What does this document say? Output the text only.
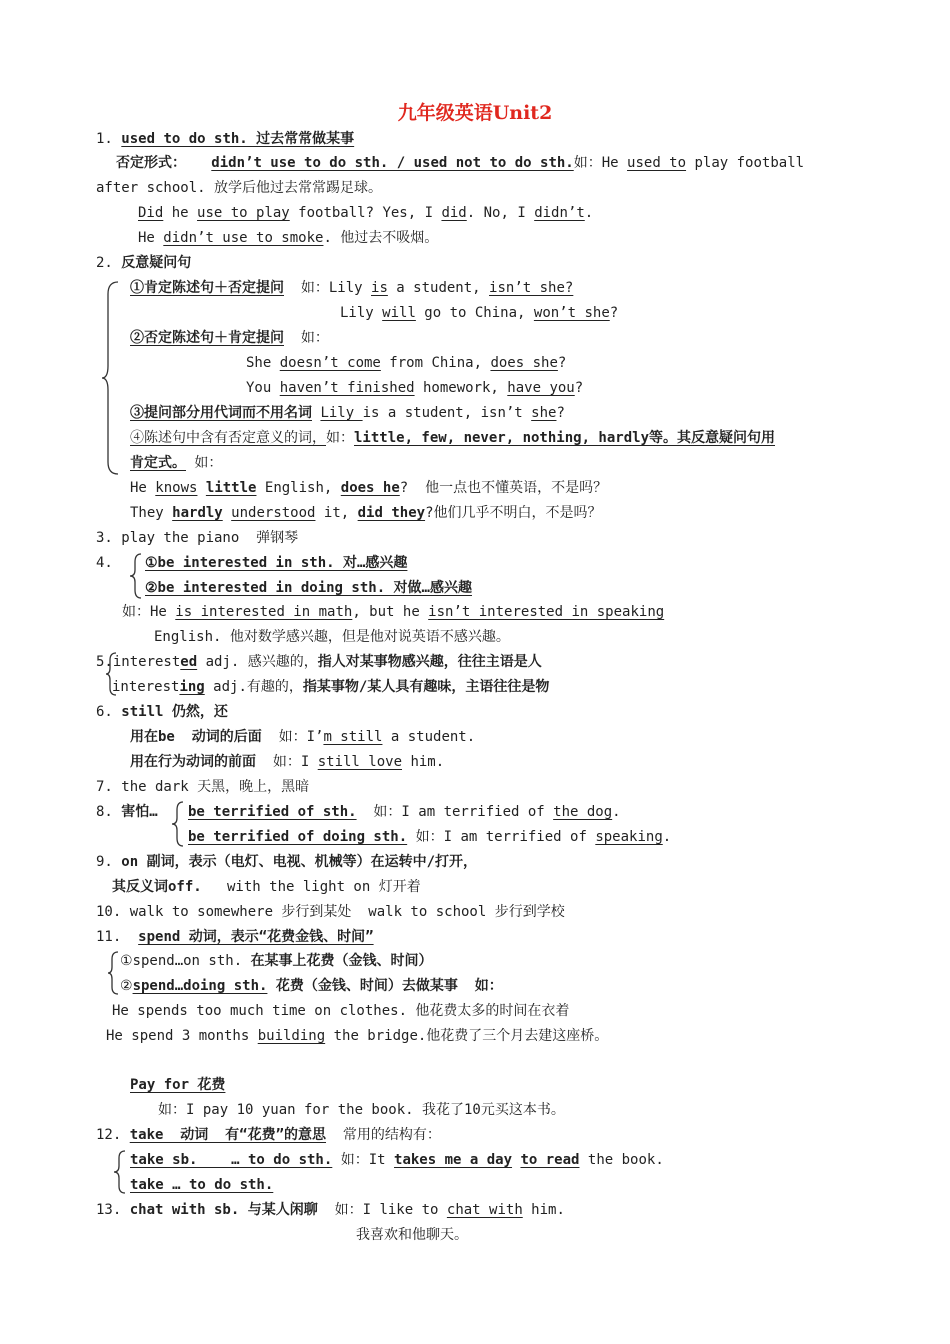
九年级英语Unit2
1. used to do sth. 过去常常做某事
否定形式： didn’t use to do sth. / used not to do sth.如：He used to play football
after school. 放学后他过去常常踢足球。
Did he use to play football? Yes, I did. No, I didn’t.
He didn’t use to smoke. 他过去不吸烟。
2. 反意疑问句
①肯定陈述句＋否定提问  如：Lily is a student, isn’t she?
Lily will go to China, won’t she?
②否定陈述句＋肯定提问  如：
She doesn’t come from China, does she?
You haven’t finished homework, have you?
③提问部分用代词而不用名词 Lily is a student, isn’t she?
④陈述句中含有否定意义的词，如：little, few, never, nothing, hardly等。其反意疑问句用
肯定式。 如：
He knows little English, does he?  他一点也不懂英语，不是吗？
They hardly understood it, did they?他们几乎不明白，不是吗？
3. play the piano  弹钢琴
4. ①be interested in sth. 对…感兴趣
②be interested in doing sth. 对做…感兴趣
如：He is interested in math, but he isn’t interested in speaking
English. 他对数学感兴趣，但是他对说英语不感兴趣。
5.interested adj. 感兴趣的，指人对某事物感兴趣，往往主语是人
interesting adj.有趣的，指某事物/某人具有趣味，主语往往是物
6. still 仍然，还
用在be  动词的后面  如：I’m still a student.
用在行为动词的前面  如：I still love him.
7. the dark 天黑，晚上，黑暗
8. 害怕… be terrified of sth.  如：I am terrified of the dog.
be terrified of doing sth. 如：I am terrified of speaking.
9. on 副词，表示（电灯、电视、机械等）在运转中/打开，
其反义词off.   with the light on 灯开着
10. walk to somewhere 步行到某处  walk to school 步行到学校
11.  spend 动词，表示“花费金钱、时间”
①spend…on sth. 在某事上花费（金钱、时间）
②spend…doing sth. 花费（金钱、时间）去做某事  如：
He spends too much time on clothes. 他花费太多的时间在衣着
He spend 3 months building the bridge.他花费了三个月去建这座桥。
Pay for 花费
如：I pay 10 yuan for the book. 我花了10元买这本书。
12. take  动词  有“花费”的意思  常用的结构有：
take sb.    … to do sth. 如：It takes me a day to read the book.
take … to do sth.
13. chat with sb. 与某人闲聊  如：I like to chat with him.
我喜欢和他聊天。
